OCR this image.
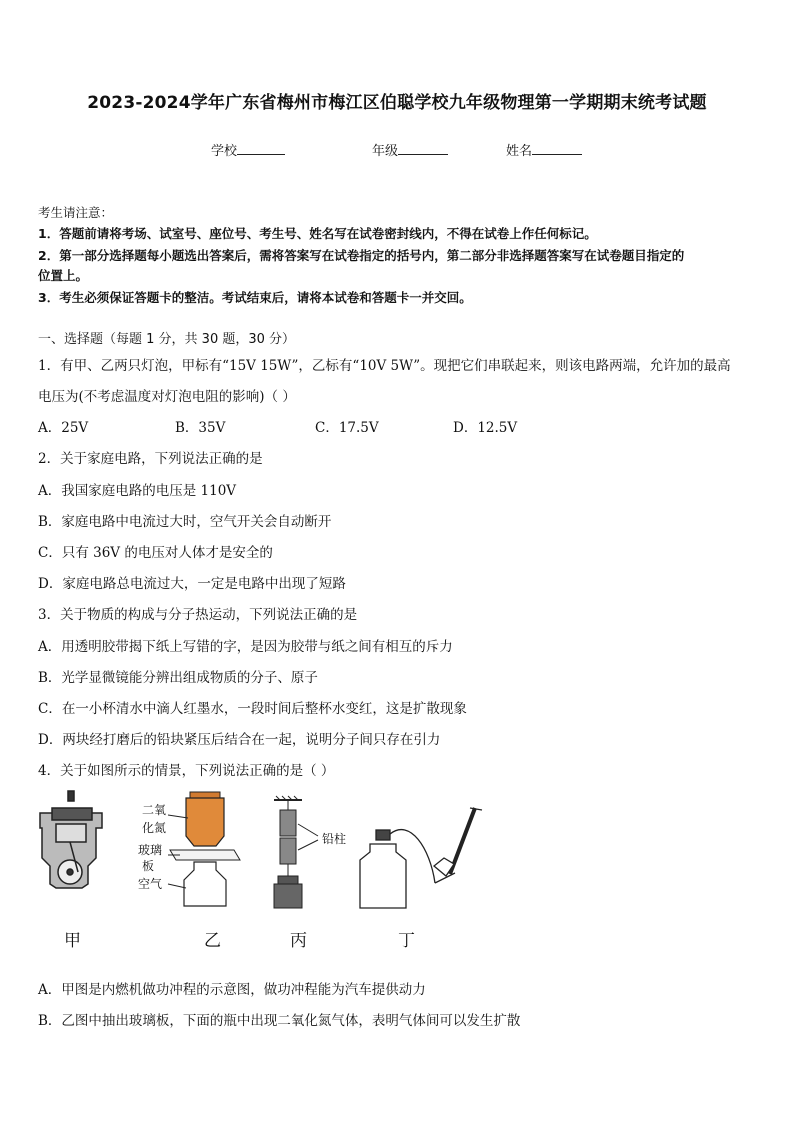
2023-2024学年广东省梅州市梅江区伯聪学校九年级物理第一学期期末统考试题
学校	年级	姓名
考生请注意：
1．答题前请将考场、试室号、座位号、考生号、姓名写在试卷密封线内，不得在试卷上作任何标记。
2．第一部分选择题每小题选出答案后，需将答案写在试卷指定的括号内，第二部分非选择题答案写在试卷题目指定的
位置上。
3．考生必须保证答题卡的整洁。考试结束后，请将本试卷和答题卡一并交回。
一、选择题（每题 1 分，共 30 题，30 分）
1．有甲、乙两只灯泡，甲标有“15V 15W”，乙标有“10V 5W”。现把它们串联起来，则该电路两端，允许加的最高
电压为(不考虑温度对灯泡电阻的影响)（ ）
A．25V	B．35V	C．17.5V	D．12.5V
2．关于家庭电路，下列说法正确的是
A．我国家庭电路的电压是 110V
B．家庭电路中电流过大时，空气开关会自动断开
C．只有 36V 的电压对人体才是安全的
D．家庭电路总电流过大，一定是电路中出现了短路
3．关于物质的构成与分子热运动，下列说法正确的是
A．用透明胶带揭下纸上写错的字，是因为胶带与纸之间有相互的斥力
B．光学显微镜能分辨出组成物质的分子、原子
C．在一小杯清水中滴人红墨水，一段时间后整杯水变红，这是扩散现象
D．两块经打磨后的铅块紧压后结合在一起，说明分子间只存在引力
4．关于如图所示的情景，下列说法正确的是（ ）
二氧
化氮
玻璃
板
空气
铅柱
甲	乙	丙	丁
A．甲图是内燃机做功冲程的示意图，做功冲程能为汽车提供动力
B．乙图中抽出玻璃板，下面的瓶中出现二氧化氮气体，表明气体间可以发生扩散
